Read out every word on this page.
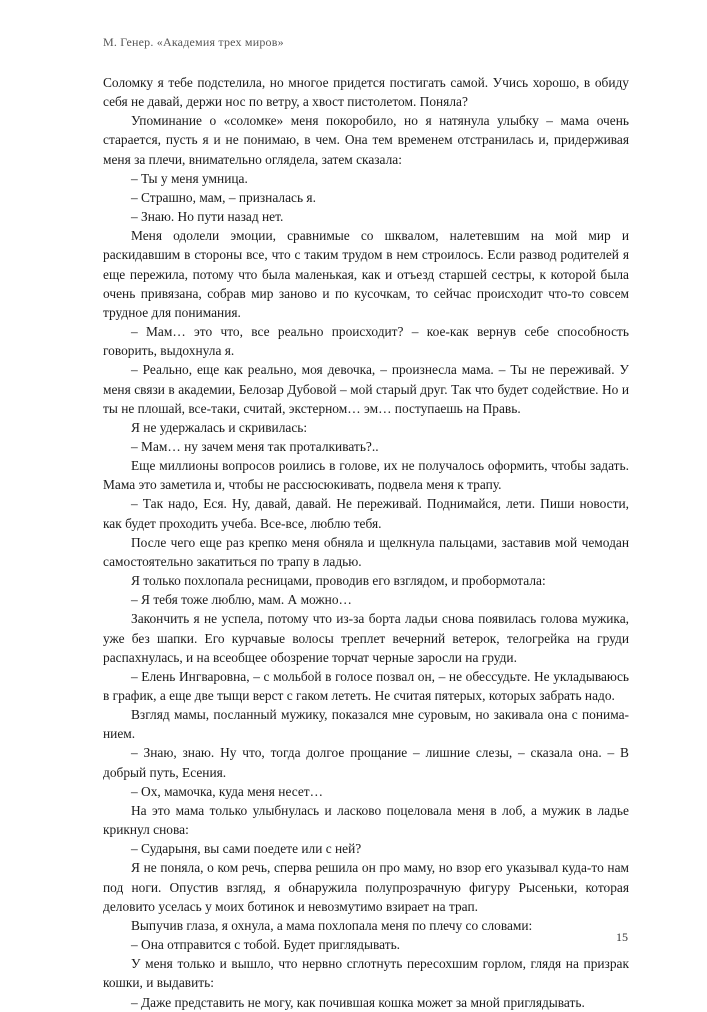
М. Генер. «Академия трех миров»

Соломку я тебе подстелила, но многое придется постигать самой. Учись хорошо, в обиду себя не давай, держи нос по ветру, а хвост пистолетом. Поняла?

Упоминание о «соломке» меня покоробило, но я натянула улыбку – мама очень старается, пусть я и не понимаю, в чем. Она тем временем отстранилась и, придерживая меня за плечи, внимательно оглядела, затем сказала:

– Ты у меня умница.

– Страшно, мам, – призналась я.

– Знаю. Но пути назад нет.

Меня одолели эмоции, сравнимые со шквалом, налетевшим на мой мир и раскидавшим в стороны все, что с таким трудом в нем строилось. Если развод родителей я еще пережила, потому что была маленькая, как и отъезд старшей сестры, к которой была очень привязана, собрав мир заново и по кусочкам, то сейчас происходит что-то совсем трудное для понимания.

– Мам… это что, все реально происходит? – кое-как вернув себе способность говорить, выдохнула я.

– Реально, еще как реально, моя девочка, – произнесла мама. – Ты не переживай. У меня связи в академии, Белозар Дубовой – мой старый друг. Так что будет содействие. Но и ты не плошай, все-таки, считай, экстерном… эм… поступаешь на Правь.

Я не удержалась и скривилась:

– Мам… ну зачем меня так проталкивать?..

Еще миллионы вопросов роились в голове, их не получалось оформить, чтобы задать. Мама это заметила и, чтобы не рассюсюкивать, подвела меня к трапу.

– Так надо, Еся. Ну, давай, давай. Не переживай. Поднимайся, лети. Пиши новости, как будет проходить учеба. Все-все, люблю тебя.

После чего еще раз крепко меня обняла и щелкнула пальцами, заставив мой чемодан самостоятельно закатиться по трапу в ладью.

Я только похлопала ресницами, проводив его взглядом, и пробормотала:

– Я тебя тоже люблю, мам. А можно…

Закончить я не успела, потому что из-за борта ладьи снова появилась голова мужика, уже без шапки. Его курчавые волосы треплет вечерний ветерок, телогрейка на груди распахнулась, и на всеобщее обозрение торчат черные заросли на груди.

– Елень Ингваровна, – с мольбой в голосе позвал он, – не обессудьте. Не укладываюсь в график, а еще две тыщи верст с гаком лететь. Не считая пятерых, которых забрать надо.

Взгляд мамы, посланный мужику, показался мне суровым, но закивала она с пониманием.

– Знаю, знаю. Ну что, тогда долгое прощание – лишние слезы, – сказала она. – В добрый путь, Есения.

– Ох, мамочка, куда меня несет…

На это мама только улыбнулась и ласково поцеловала меня в лоб, а мужик в ладье крикнул снова:

– Сударыня, вы сами поедете или с ней?

Я не поняла, о ком речь, сперва решила он про маму, но взор его указывал куда-то нам под ноги. Опустив взгляд, я обнаружила полупрозрачную фигуру Рысеньки, которая деловито уселась у моих ботинок и невозмутимо взирает на трап.

Выпучив глаза, я охнула, а мама похлопала меня по плечу со словами:

– Она отправится с тобой. Будет приглядывать.

У меня только и вышло, что нервно сглотнуть пересохшим горлом, глядя на призрак кошки, и выдавить:

– Даже представить не могу, как почившая кошка может за мной приглядывать.

15
